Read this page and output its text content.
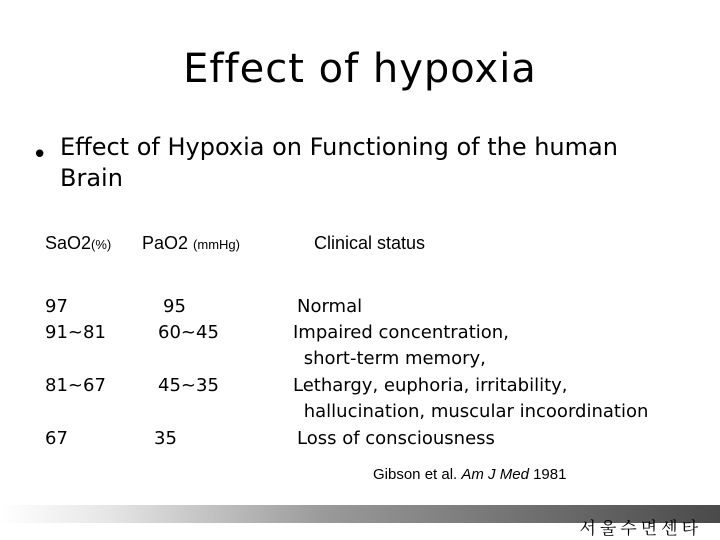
Effect of hypoxia
• Effect of Hypoxia on Functioning of the human
Brain
SaO2(%) PaO2 (mmHg)	Clinical status
97	95	Normal
91~81	60~45	Impaired concentration,
short-term memory,
81~67	45~35	Lethargy, euphoria, irritability,
hallucination, muscular incoordination
67	35	Loss of consciousness
Gibson et al. Am J Med 1981
서울수면센타
